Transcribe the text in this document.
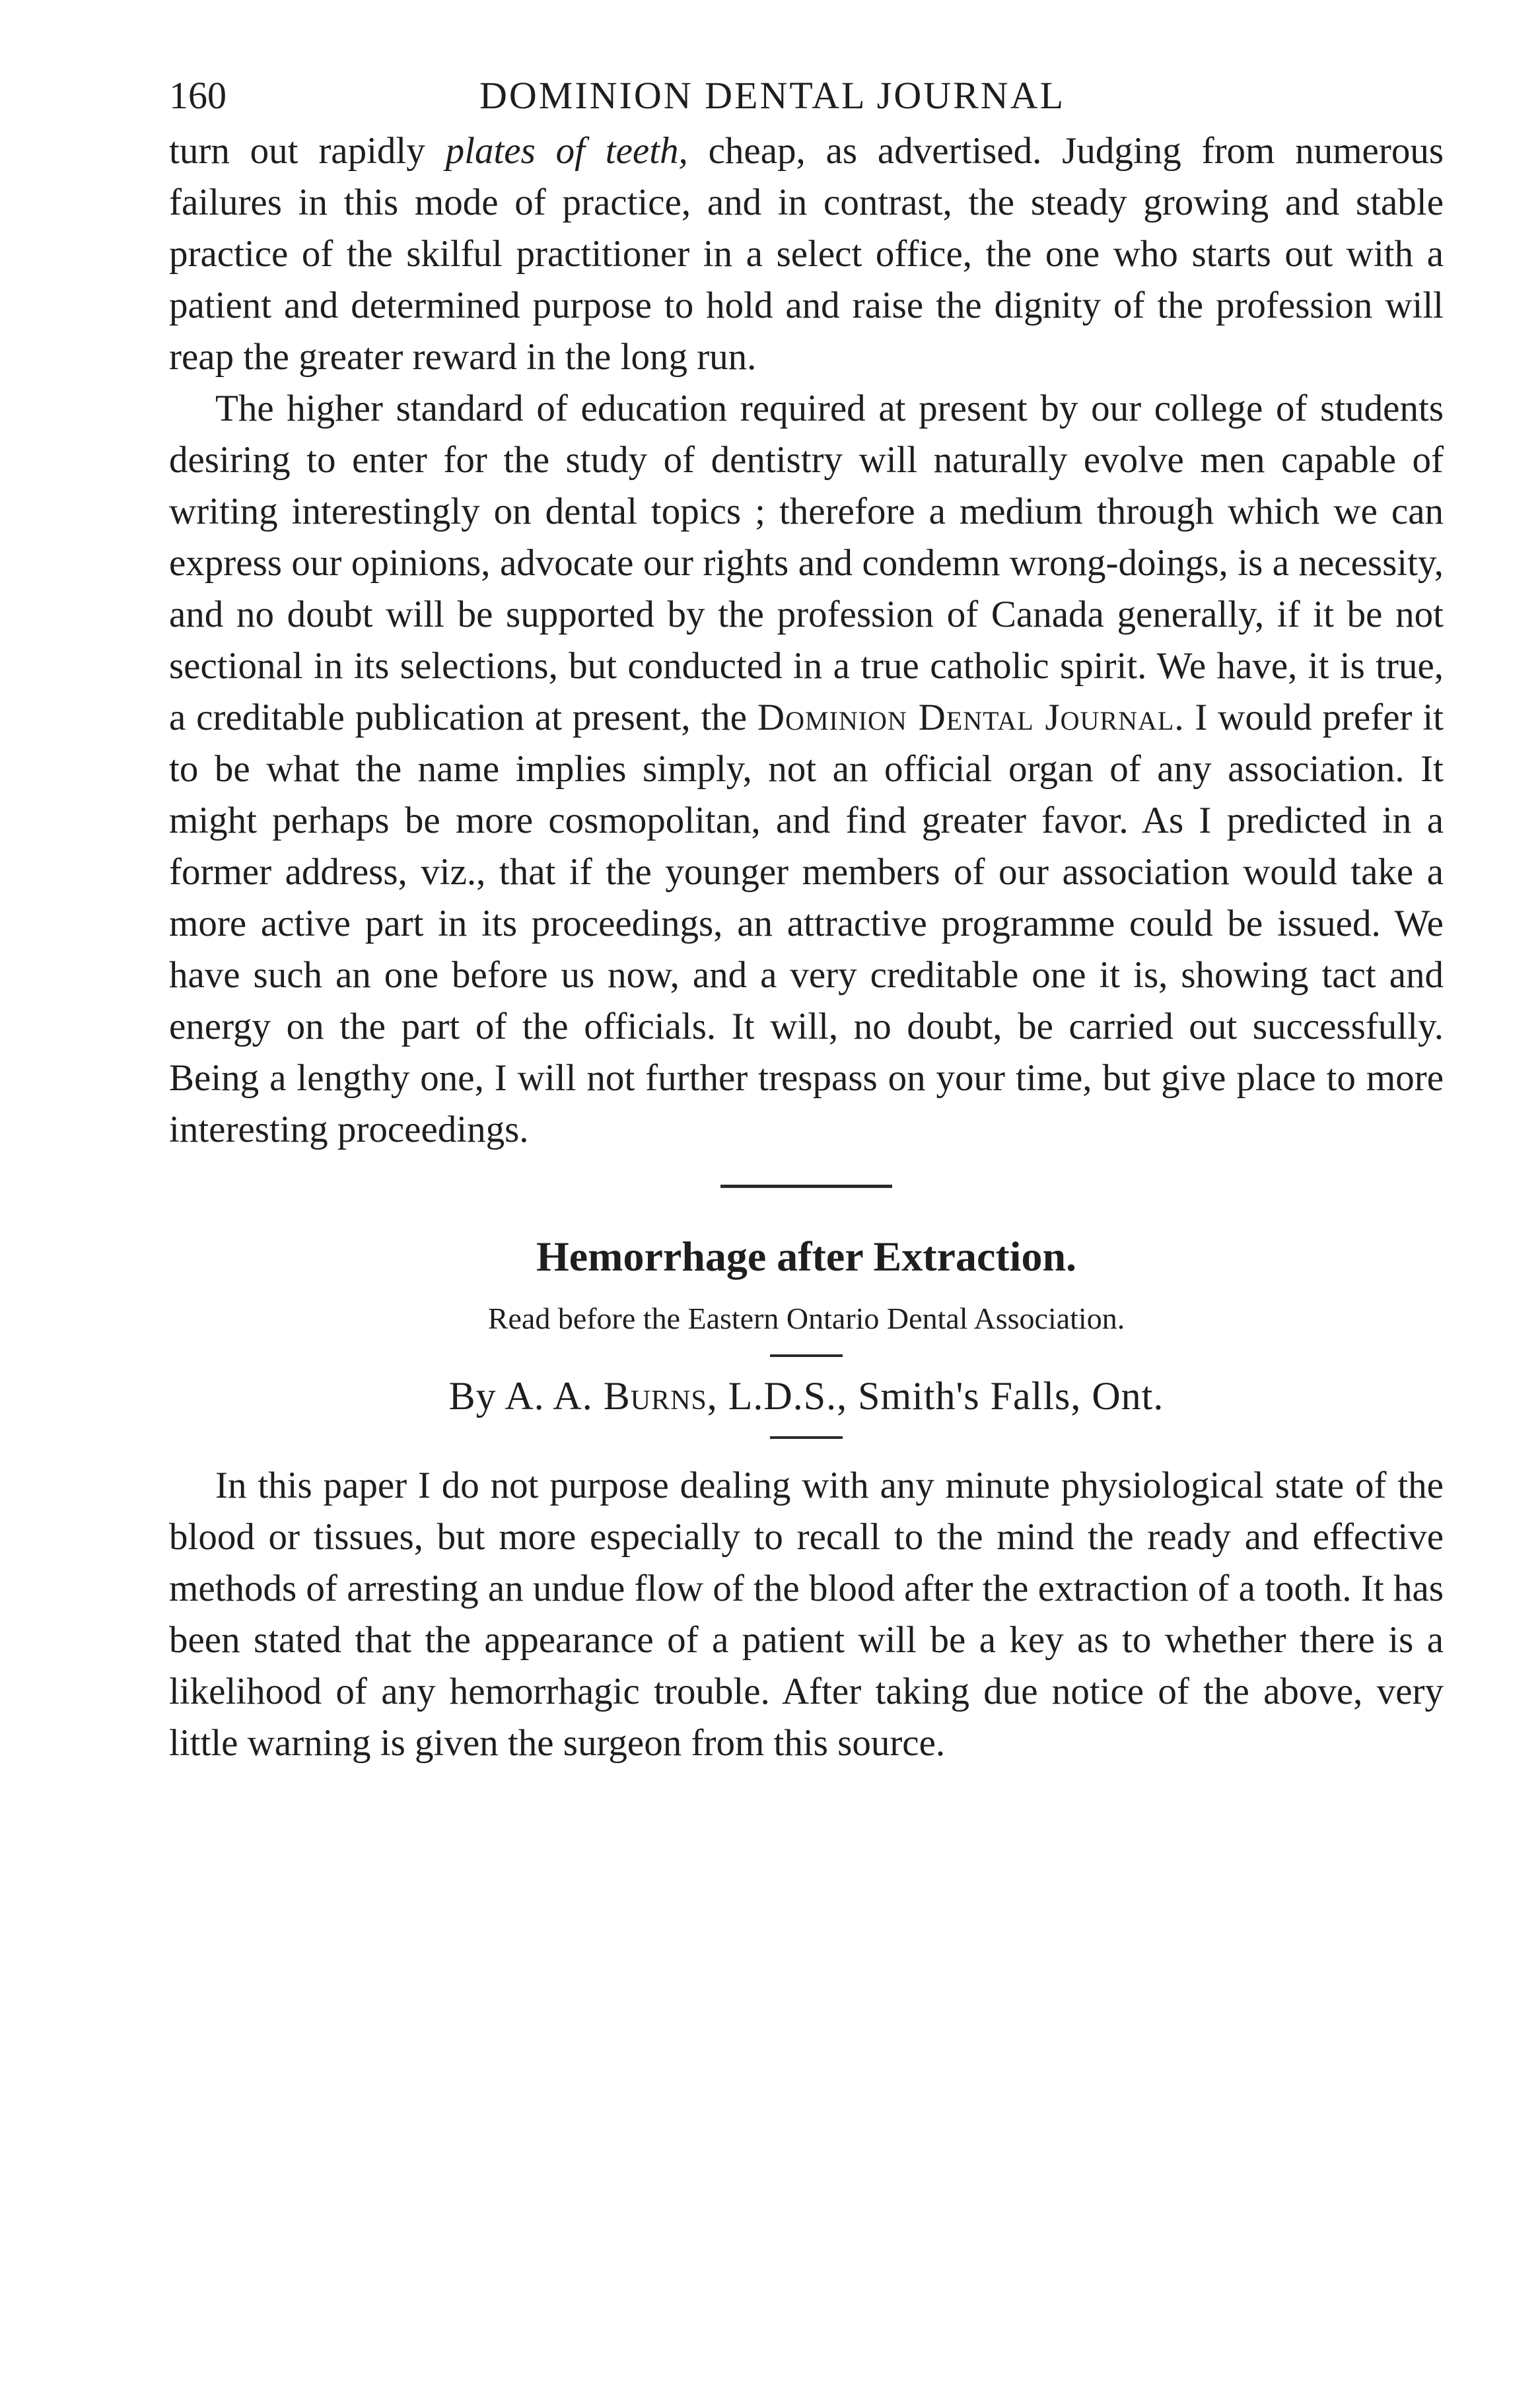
160	DOMINION DENTAL JOURNAL

turn out rapidly plates of teeth, cheap, as advertised. Judging from numerous failures in this mode of practice, and in contrast, the steady growing and stable practice of the skilful practitioner in a select office, the one who starts out with a patient and determined purpose to hold and raise the dignity of the profession will reap the greater reward in the long run.

The higher standard of education required at present by our college of students desiring to enter for the study of dentistry will naturally evolve men capable of writing interestingly on dental topics ; therefore a medium through which we can express our opinions, advocate our rights and condemn wrong-doings, is a necessity, and no doubt will be supported by the profession of Canada generally, if it be not sectional in its selections, but conducted in a true catholic spirit. We have, it is true, a creditable publication at present, the Dominion Dental Journal. I would prefer it to be what the name implies simply, not an official organ of any association. It might perhaps be more cosmopolitan, and find greater favor. As I predicted in a former address, viz., that if the younger members of our association would take a more active part in its proceedings, an attractive programme could be issued. We have such an one before us now, and a very creditable one it is, showing tact and energy on the part of the officials. It will, no doubt, be carried out successfully. Being a lengthy one, I will not further trespass on your time, but give place to more interesting proceedings.

Hemorrhage after Extraction.

Read before the Eastern Ontario Dental Association.

By A. A. Burns, L.D.S., Smith's Falls, Ont.

In this paper I do not purpose dealing with any minute physiological state of the blood or tissues, but more especially to recall to the mind the ready and effective methods of arresting an undue flow of the blood after the extraction of a tooth. It has been stated that the appearance of a patient will be a key as to whether there is a likelihood of any hemorrhagic trouble. After taking due notice of the above, very little warning is given the surgeon from this source.
